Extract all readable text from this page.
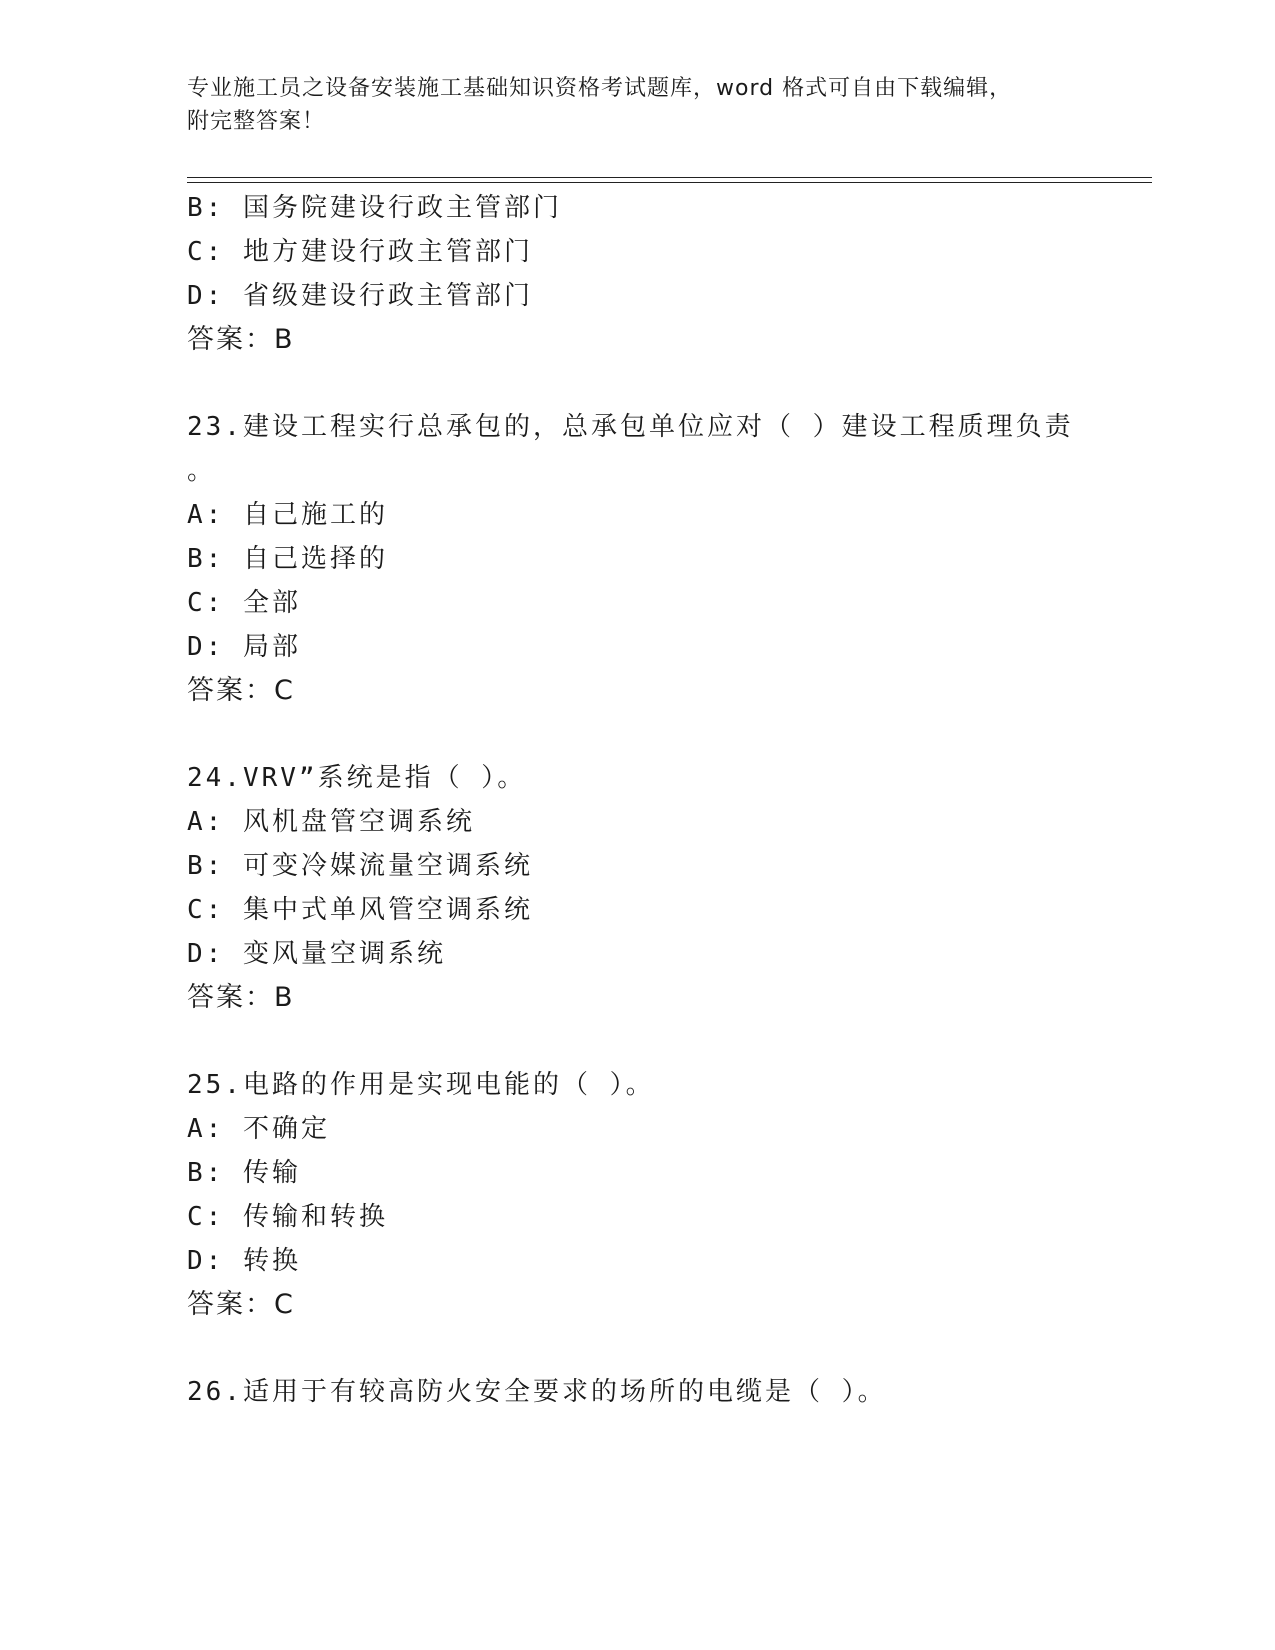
专业施工员之设备安装施工基础知识资格考试题库，word 格式可自由下载编辑，
附完整答案！
B: 国务院建设行政主管部门
C: 地方建设行政主管部门
D: 省级建设行政主管部门
答案：B
23.建设工程实行总承包的，总承包单位应对（ ）建设工程质理负责
。
A: 自己施工的
B: 自己选择的
C: 全部
D: 局部
答案：C
24.VRV”系统是指（ ）。
A: 风机盘管空调系统
B: 可变冷媒流量空调系统
C: 集中式单风管空调系统
D: 变风量空调系统
答案：B
25.电路的作用是实现电能的（ ）。
A: 不确定
B: 传输
C: 传输和转换
D: 转换
答案：C
26.适用于有较高防火安全要求的场所的电缆是（ ）。
